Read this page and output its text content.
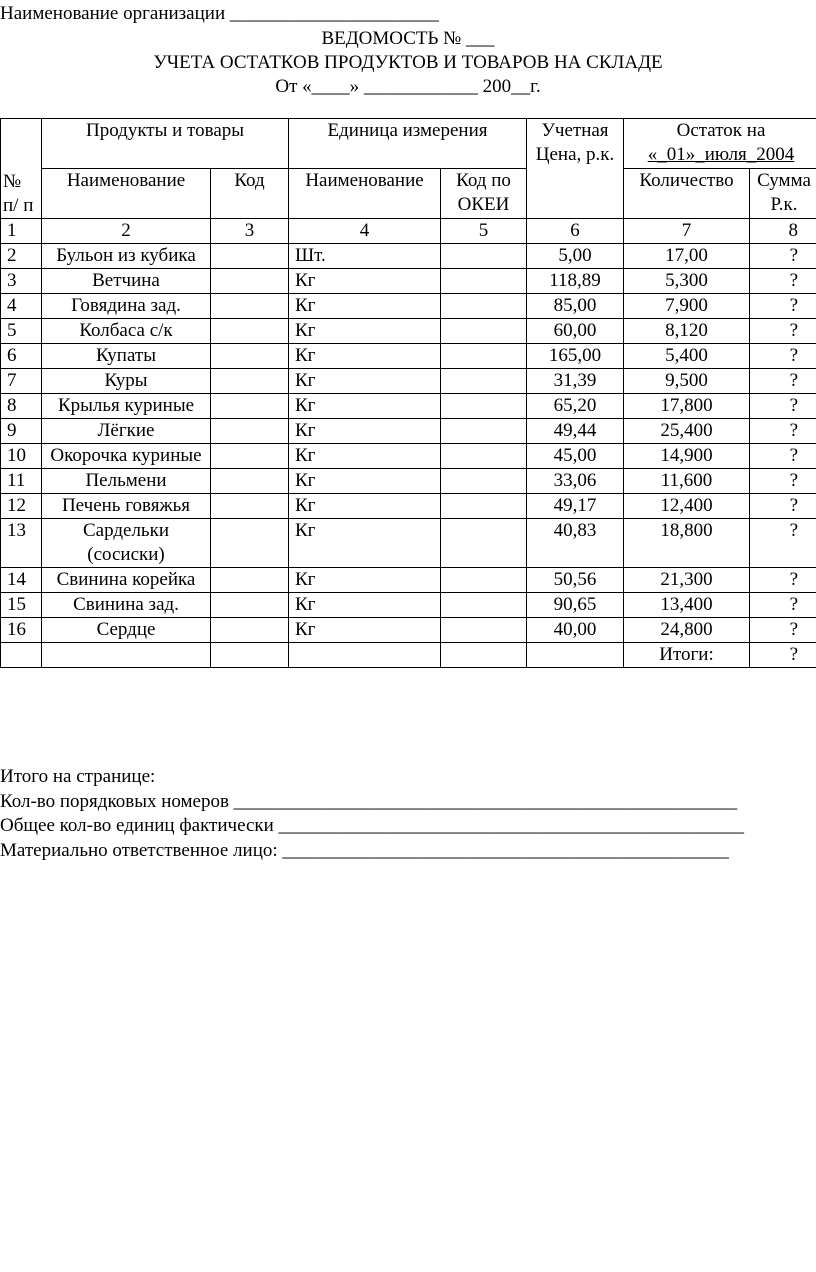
Наименование организации ______________________
ВЕДОМОСТЬ № ___
УЧЕТА ОСТАТКОВ ПРОДУКТОВ И ТОВАРОВ НА СКЛАДЕ
От «____» ____________ 200__г.
№ п/ п	Продукты и товары		Единица измерения		Учетная Цена, р.к.	Остаток на
«_01»_июля_2004	

	Наименование	Код	Наименование	Код по ОКЕИ		Количество	Сумма Р.к.
1	2	3	4	5	6	7	8
2	Бульон из кубика		Шт.		5,00	17,00	?
3	Ветчина		Кг		118,89	5,300	?
4	Говядина зад.		Кг		85,00	7,900	?
5	Колбаса с/к		Кг		60,00	8,120	?
6	Купаты		Кг		165,00	5,400	?
7	Куры		Кг		31,39	9,500	?
8	Крылья куриные		Кг		65,20	17,800	?
9	Лёгкие		Кг		49,44	25,400	?
10	Окорочка куриные		Кг		45,00	14,900	?
11	Пельмени		Кг		33,06	11,600	?
12	Печень говяжья		Кг		49,17	12,400	?
13	Сардельки (сосиски)		Кг		40,83	18,800	?
14	Свинина корейка		Кг		50,56	21,300	?
15	Свинина зад.		Кг		90,65	13,400	?
16	Сердце		Кг		40,00	24,800	?
						Итоги:	?
Итого на странице:
Кол-во порядковых номеров _____________________________________________________
Общее кол-во единиц фактически _________________________________________________
Материально ответственное лицо: _______________________________________________
